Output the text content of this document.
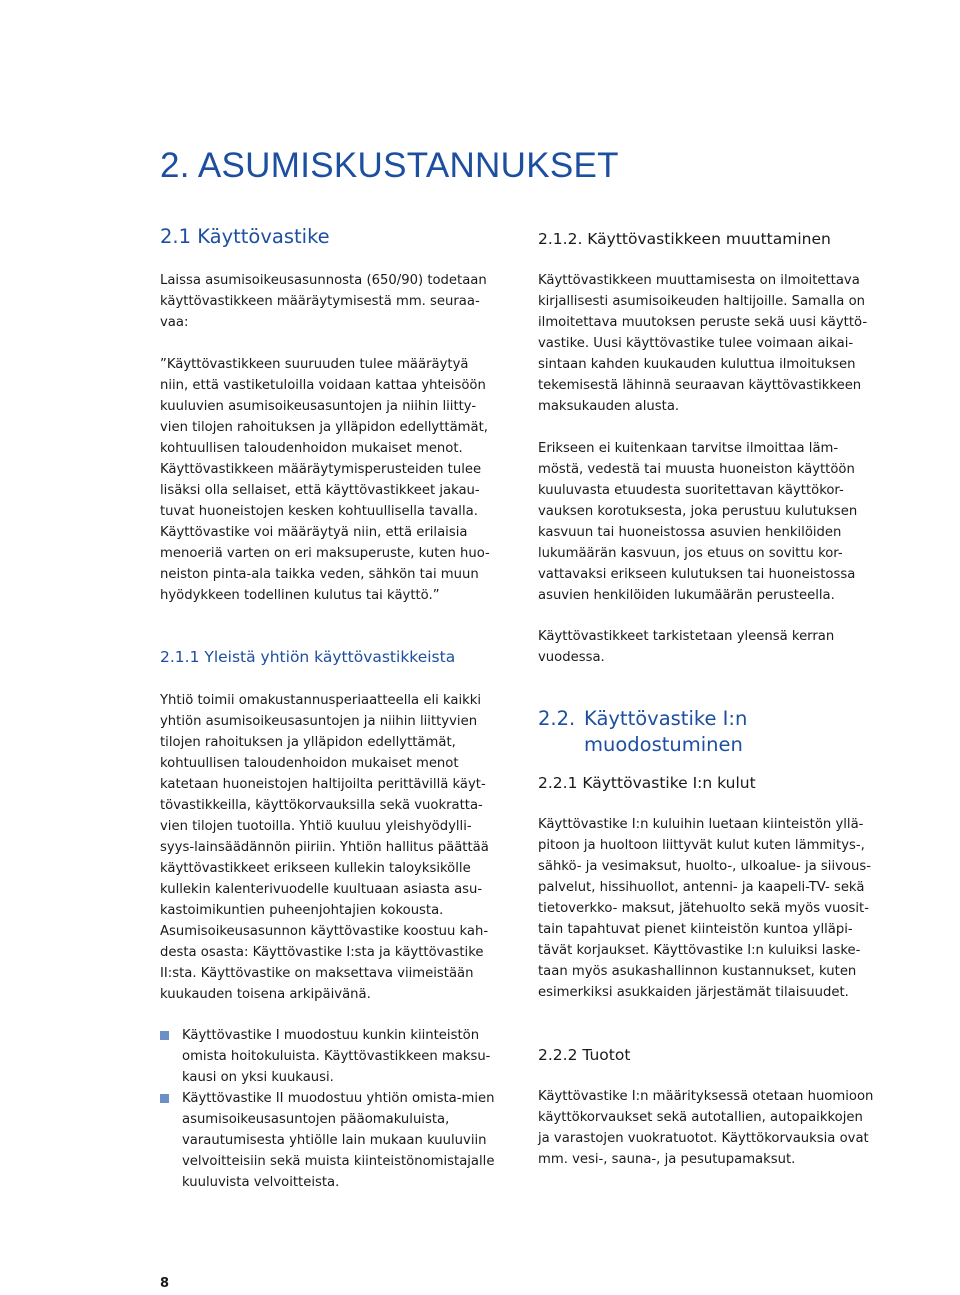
2. ASUMISKUSTANNUKSET
2.1 Käyttövastike

Laissa asumisoikeusasunnosta (650/90) todetaan käyttövastikkeen määräytymisestä mm. seuraa-vaa:

”Käyttövastikkeen suuruuden tulee määräytyä niin, että vastiketuloilla voidaan kattaa yhteisöön kuuluvien asumisoikeusasuntojen ja niihin liitty-vien tilojen rahoituksen ja ylläpidon edellyttämät, kohtuullisen taloudenhoidon mukaiset menot. Käyttövastikkeen määräytymisperusteiden tulee lisäksi olla sellaiset, että käyttövastikkeet jakau-tuvat huoneistojen kesken kohtuullisella tavalla. Käyttövastike voi määräytyä niin, että erilaisia menoeriä varten on eri maksuperuste, kuten huo-neiston pinta-ala taikka veden, sähkön tai muun hyödykkeen todellinen kulutus tai käyttö.”

2.1.1 Yleistä yhtiön käyttövastikkeista

Yhtiö toimii omakustannusperiaatteella eli kaikki yhtiön asumisoikeusasuntojen ja niihin liittyvien tilojen rahoituksen ja ylläpidon edellyttämät, kohtuullisen taloudenhoidon mukaiset menot katetaan huoneistojen haltijoilta perittävillä käyt-tövastikkeilla, käyttökorvauksilla sekä vuokratta-vien tilojen tuotoilla. Yhtiö kuuluu yleishyödylli-syys-lainsäädännön piiriin. Yhtiön hallitus päättää käyttövastikkeet erikseen kullekin taloyksikölle kullekin kalenterivuodelle kuultuaan asiasta asu-kastoimikuntien puheenjohtajien kokousta. Asumisoikeusasunnon käyttövastike koostuu kah-desta osasta: Käyttövastike I:sta ja käyttövastike II:sta. Käyttövastike on maksettava viimeistään kuukauden toisena arkipäivänä.

Käyttövastike I muodostuu kunkin kiinteistön omista hoitokuluista. Käyttövastikkeen maksu-kausi on yksi kuukausi.
Käyttövastike II muodostuu yhtiön omista-mien asumisoikeusasuntojen pääomakuluista, varautumisesta yhtiölle lain mukaan kuuluviin velvoitteisiin sekä muista kiinteistönomistajalle kuuluvista velvoitteista.
2.1.2. Käyttövastikkeen muuttaminen

Käyttövastikkeen muuttamisesta on ilmoitettava kirjallisesti asumisoikeuden haltijoille. Samalla on ilmoitettava muutoksen peruste sekä uusi käyttö-vastike. Uusi käyttövastike tulee voimaan aikai-sintaan kahden kuukauden kuluttua ilmoituksen tekemisestä lähinnä seuraavan käyttövastikkeen maksukauden alusta.

Erikseen ei kuitenkaan tarvitse ilmoittaa läm-möstä, vedestä tai muusta huoneiston käyttöön kuuluvasta etuudesta suoritettavan käyttökor-vauksen korotuksesta, joka perustuu kulutuksen kasvuun tai huoneistossa asuvien henkilöiden lukumäärän kasvuun, jos etuus on sovittu kor-vattavaksi erikseen kulutuksen tai huoneistossa asuvien henkilöiden lukumäärän perusteella.

Käyttövastikkeet tarkistetaan yleensä kerran vuodessa.

2.2. Käyttövastike I:n
muodostuminen
2.2.1 Käyttövastike I:n kulut

Käyttövastike I:n kuluihin luetaan kiinteistön yllä-pitoon ja huoltoon liittyvät kulut kuten lämmitys-, sähkö- ja vesimaksut, huolto-, ulkoalue- ja siivous-palvelut, hissihuollot, antenni- ja kaapeli-TV- sekä tietoverkko- maksut, jätehuolto sekä myös vuosit-tain tapahtuvat pienet kiinteistön kuntoa ylläpi-tävät korjaukset. Käyttövastike I:n kuluiksi laske-taan myös asukashallinnon kustannukset, kuten esimerkiksi asukkaiden järjestämät tilaisuudet.

2.2.2 Tuotot

Käyttövastike I:n määrityksessä otetaan huomioon käyttökorvaukset sekä autotallien, autopaikkojen ja varastojen vuokratuotot. Käyttökorvauksia ovat mm. vesi-, sauna-, ja pesutupamaksut.

8
